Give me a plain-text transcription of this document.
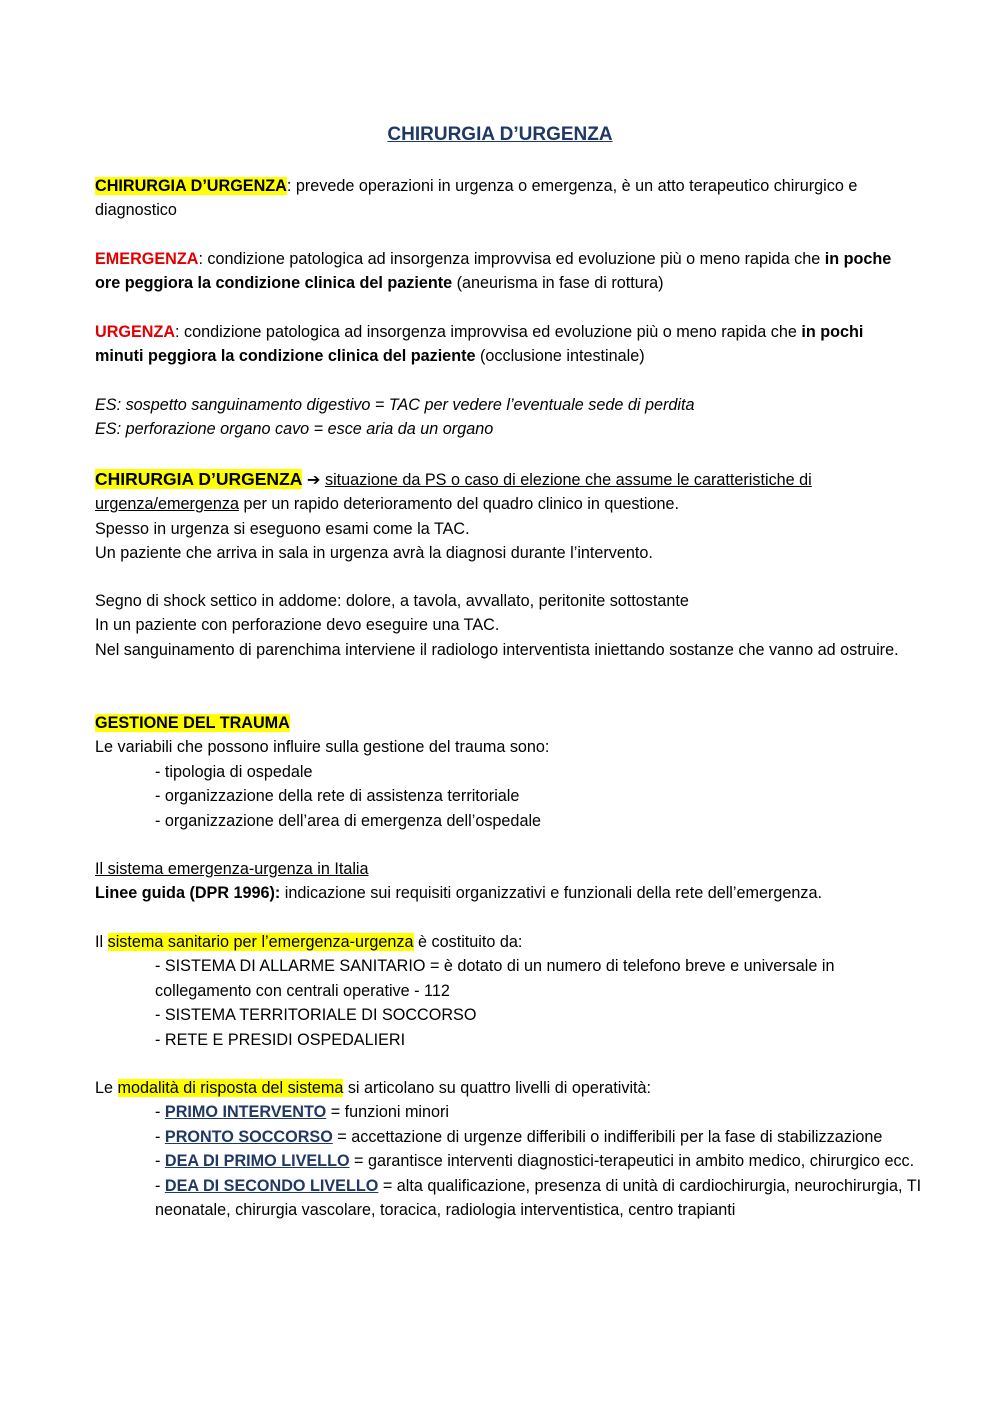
CHIRURGIA D’URGENZA

CHIRURGIA D’URGENZA: prevede operazioni in urgenza o emergenza, è un atto terapeutico chirurgico e diagnostico

EMERGENZA: condizione patologica ad insorgenza improvvisa ed evoluzione più o meno rapida che in poche ore peggiora la condizione clinica del paziente (aneurisma in fase di rottura)

URGENZA: condizione patologica ad insorgenza improvvisa ed evoluzione più o meno rapida che in pochi minuti peggiora la condizione clinica del paziente (occlusione intestinale)

ES: sospetto sanguinamento digestivo = TAC per vedere l’eventuale sede di perdita
ES: perforazione organo cavo = esce aria da un organo
CHIRURGIA D’URGENZA ➔ situazione da PS o caso di elezione che assume le caratteristiche di urgenza/emergenza per un rapido deterioramento del quadro clinico in questione.
Spesso in urgenza si eseguono esami come la TAC.
Un paziente che arriva in sala in urgenza avrà la diagnosi durante l’intervento.
Segno di shock settico in addome: dolore, a tavola, avvallato, peritonite sottostante
In un paziente con perforazione devo eseguire una TAC.
Nel sanguinamento di parenchima interviene il radiologo interventista iniettando sostanze che vanno ad ostruire.
GESTIONE DEL TRAUMA
Le variabili che possono influire sulla gestione del trauma sono:
- tipologia di ospedale
- organizzazione della rete di assistenza territoriale
- organizzazione dell’area di emergenza dell’ospedale
Il sistema emergenza-urgenza in Italia
Linee guida (DPR 1996): indicazione sui requisiti organizzativi e funzionali della rete dell’emergenza.
Il sistema sanitario per l’emergenza-urgenza è costituito da:
- SISTEMA DI ALLARME SANITARIO = è dotato di un numero di telefono breve e universale in collegamento con centrali operative - 112
- SISTEMA TERRITORIALE DI SOCCORSO
- RETE E PRESIDI OSPEDALIERI
Le modalità di risposta del sistema si articolano su quattro livelli di operatività:
- PRIMO INTERVENTO = funzioni minori
- PRONTO SOCCORSO = accettazione di urgenze differibili o indifferibili per la fase di stabilizzazione
- DEA DI PRIMO LIVELLO = garantisce interventi diagnostici-terapeutici in ambito medico, chirurgico ecc.
- DEA DI SECONDO LIVELLO = alta qualificazione, presenza di unità di cardiochirurgia, neurochirurgia, TI neonatale, chirurgia vascolare, toracica, radiologia interventistica, centro trapianti
